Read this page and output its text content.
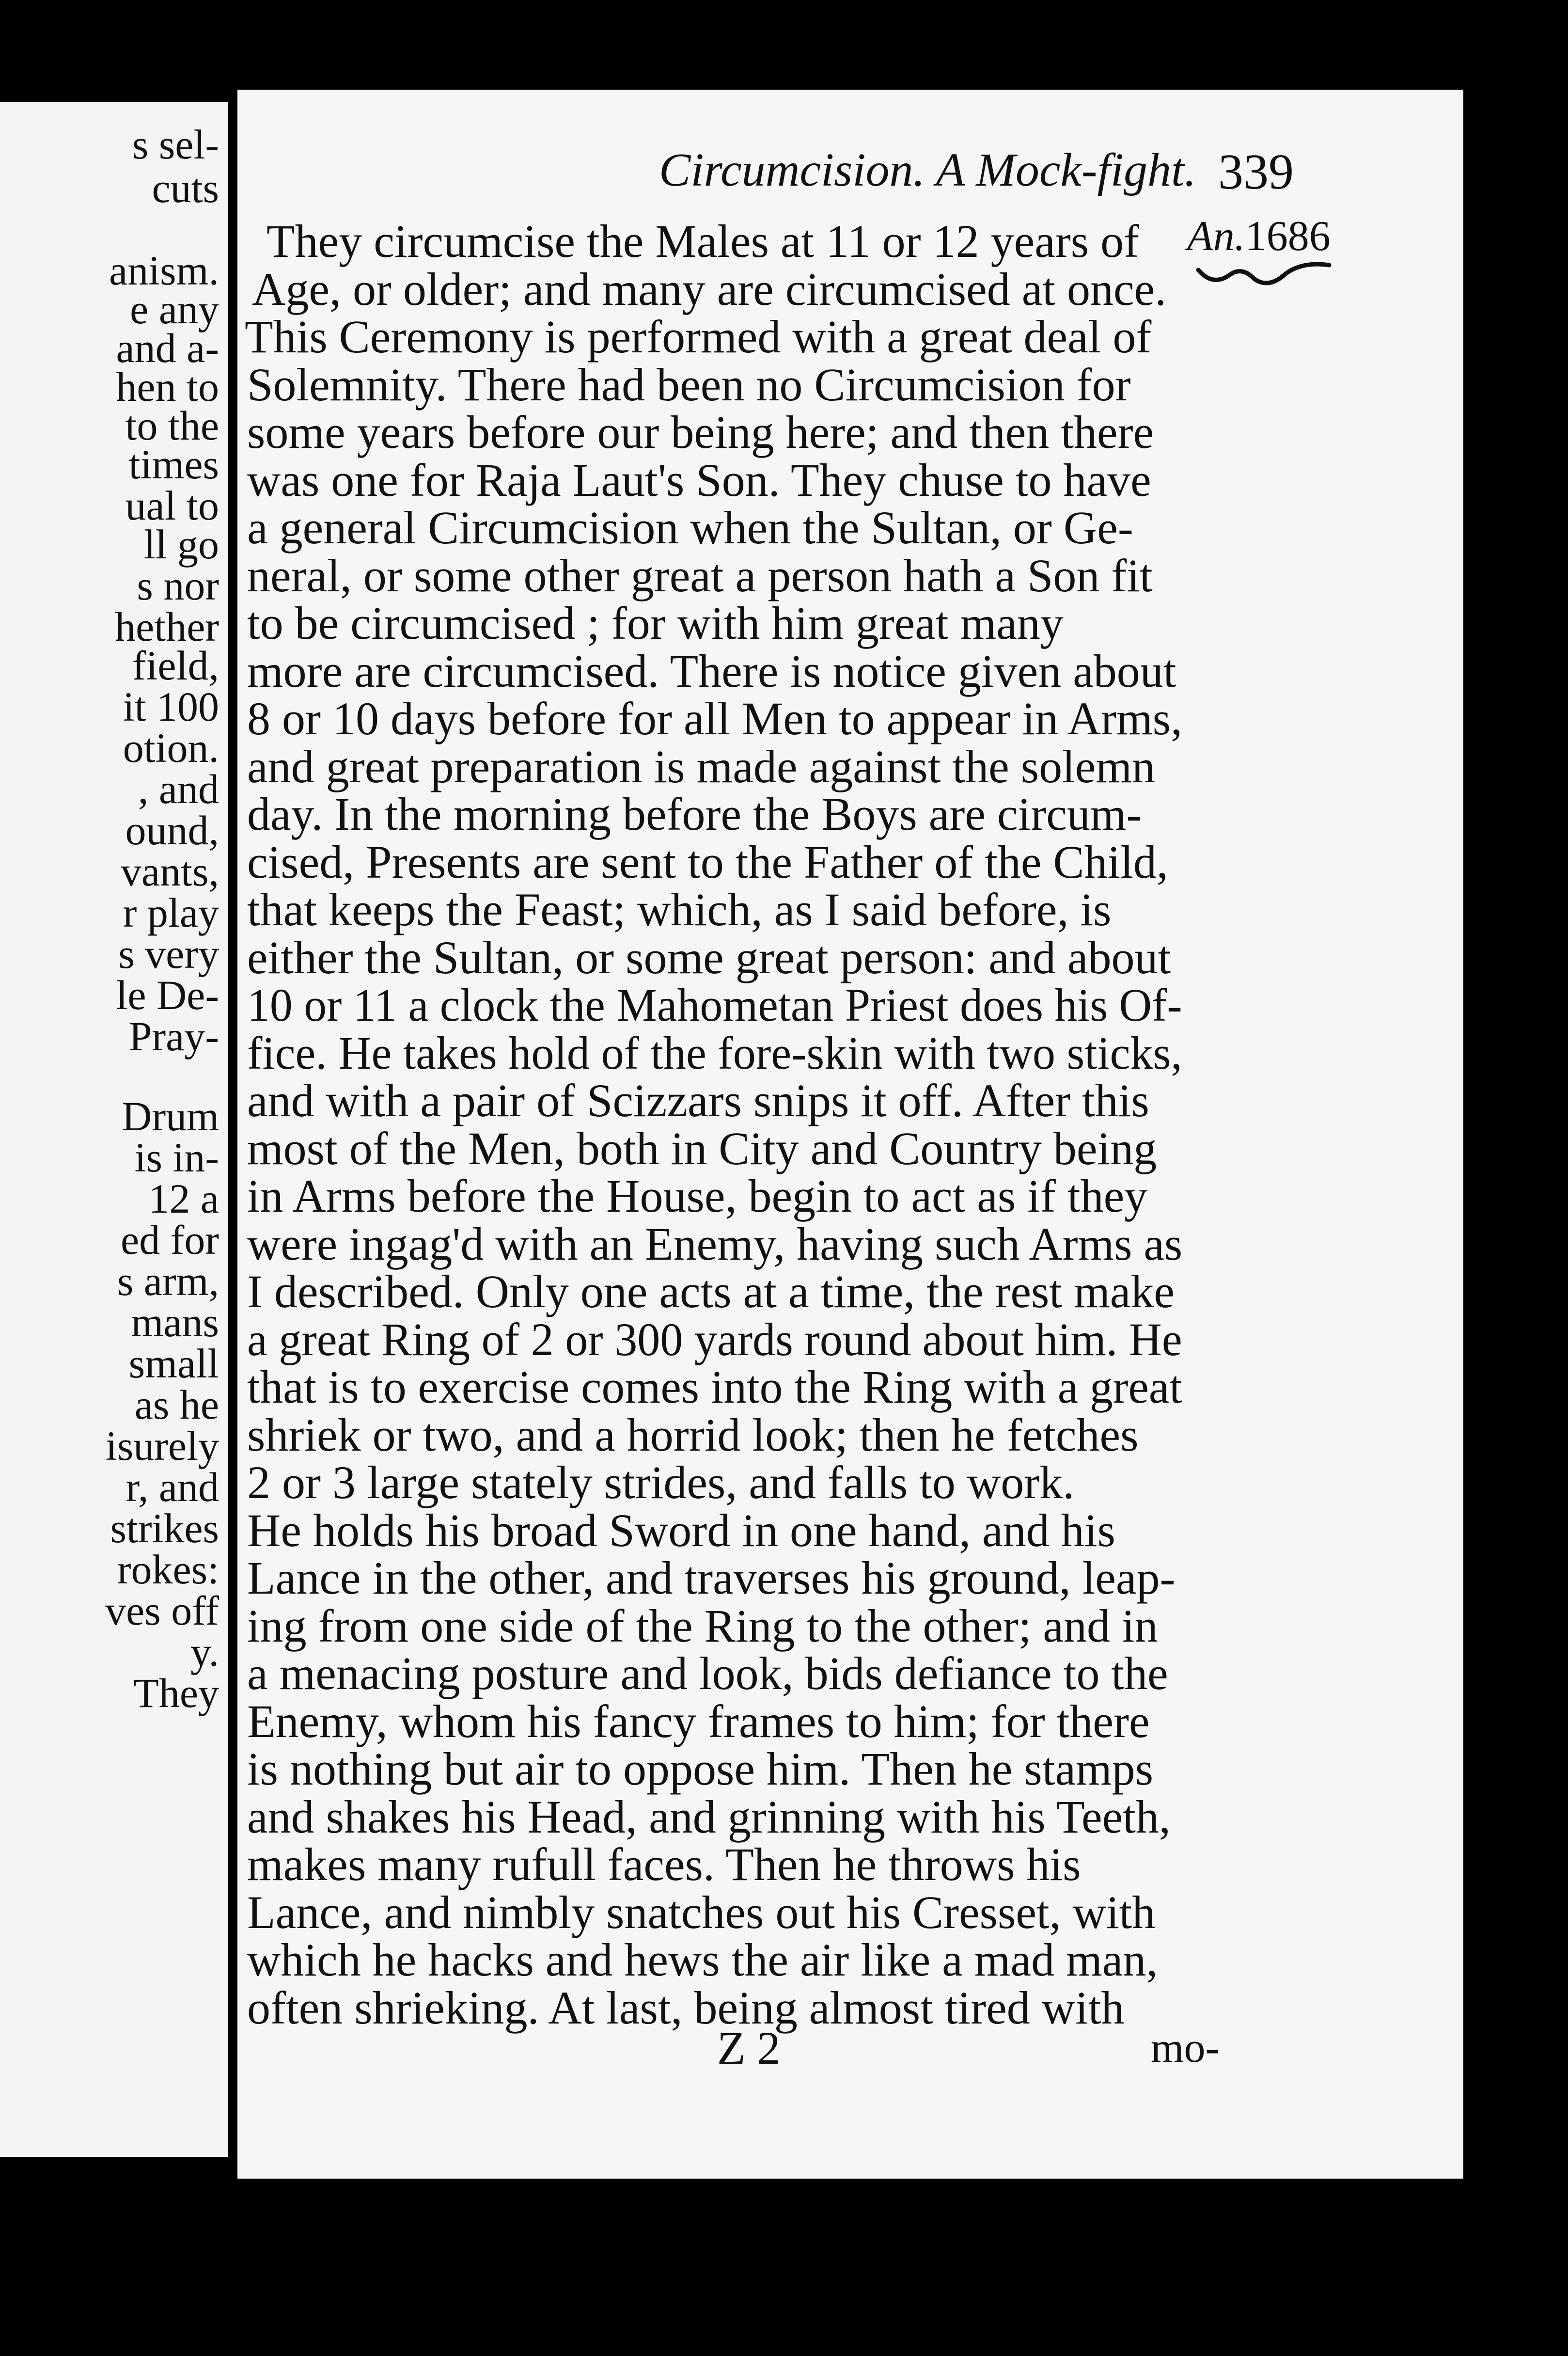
s sel-
cuts
anism.
e any
and a-
hen to
to the
times
ual to
ll go
s nor
hether
field,
it 100
otion.
, and
ound,
vants,
r play
s very
le De-
Pray-
Drum
is in-
12 a
ed for
s arm,
mans
small
as he
isurely
r, and
strikes
rokes:
ves off
y.
They
Circumcision. A Mock-fight. 339
An.1686
They circumcise the Males at 11 or 12 years of
Age, or older; and many are circumcised at once.
This Ceremony is performed with a great deal of
Solemnity. There had been no Circumcision for
some years before our being here; and then there
was one for Raja Laut's Son. They chuse to have
a general Circumcision when the Sultan, or Ge-
neral, or some other great a person hath a Son fit
to be circumcised ; for with him great many
more are circumcised. There is notice given about
8 or 10 days before for all Men to appear in Arms,
and great preparation is made against the solemn
day. In the morning before the Boys are circum-
cised, Presents are sent to the Father of the Child,
that keeps the Feast; which, as I said before, is
either the Sultan, or some great person: and about
10 or 11 a clock the Mahometan Priest does his Of-
fice. He takes hold of the fore-skin with two sticks,
and with a pair of Scizzars snips it off. After this
most of the Men, both in City and Country being
in Arms before the House, begin to act as if they
were ingag'd with an Enemy, having such Arms as
I described. Only one acts at a time, the rest make
a great Ring of 2 or 300 yards round about him. He
that is to exercise comes into the Ring with a great
shriek or two, and a horrid look; then he fetches
2 or 3 large stately strides, and falls to work.
He holds his broad Sword in one hand, and his
Lance in the other, and traverses his ground, leap-
ing from one side of the Ring to the other; and in
a menacing posture and look, bids defiance to the
Enemy, whom his fancy frames to him; for there
is nothing but air to oppose him. Then he stamps
and shakes his Head, and grinning with his Teeth,
makes many rufull faces. Then he throws his
Lance, and nimbly snatches out his Cresset, with
which he hacks and hews the air like a mad man,
often shrieking. At last, being almost tired with
Z 2	mo-
